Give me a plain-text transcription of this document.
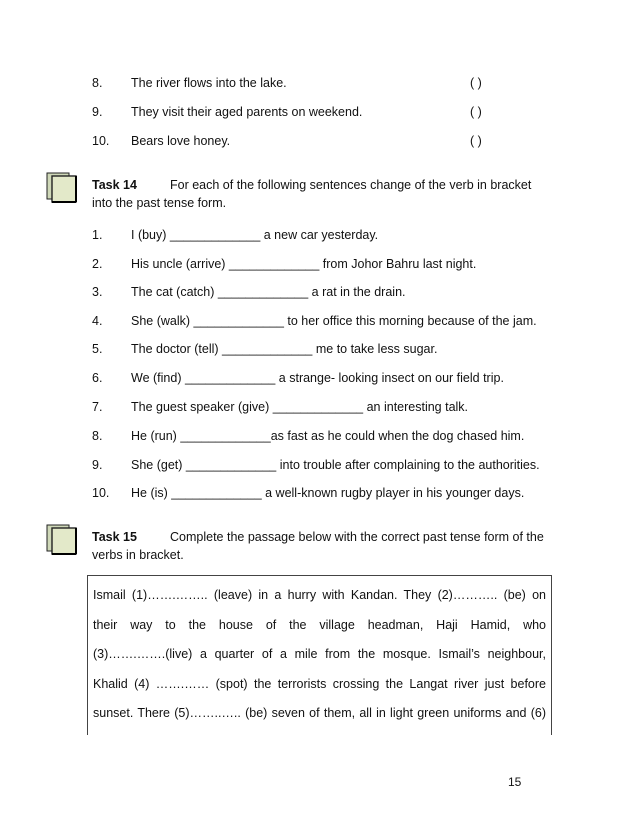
8. The river flows into the lake.	( )
9. They visit their aged parents on weekend.	( )
10. Bears love honey.	( )
Task 14	For each of the following sentences change of the verb in bracket
into the past tense form.
1. I (buy) _____________ a new car yesterday.
2. His uncle (arrive) _____________ from Johor Bahru last night.
3. The cat (catch) _____________ a rat in the drain.
4. She (walk) _____________ to her office this morning because of the jam.
5. The doctor (tell) _____________ me to take less sugar.
6. We (find) _____________ a strange- looking insect on our field trip.
7. The guest speaker (give) _____________ an interesting talk.
8. He (run) _____________as fast as he could when the dog chased him.
9. She (get) _____________ into trouble after complaining to the authorities.
10. He (is) _____________ a well-known rugby player in his younger days.
Task 15	Complete the passage below with the correct past tense form of the
verbs in bracket.

Ismail (1)…….…….. (leave) in a hurry with Kandan. They (2)……….. (be) on

their way to the house of the village headman, Haji Hamid, who

(3)…….…….(live) a quarter of a mile from the mosque. Ismail’s neighbour,

Khalid (4) …….…… (spot) the terrorists crossing the Langat river just before

sunset. There (5)……..….. (be) seven of them, all in light green uniforms and (6)

15
